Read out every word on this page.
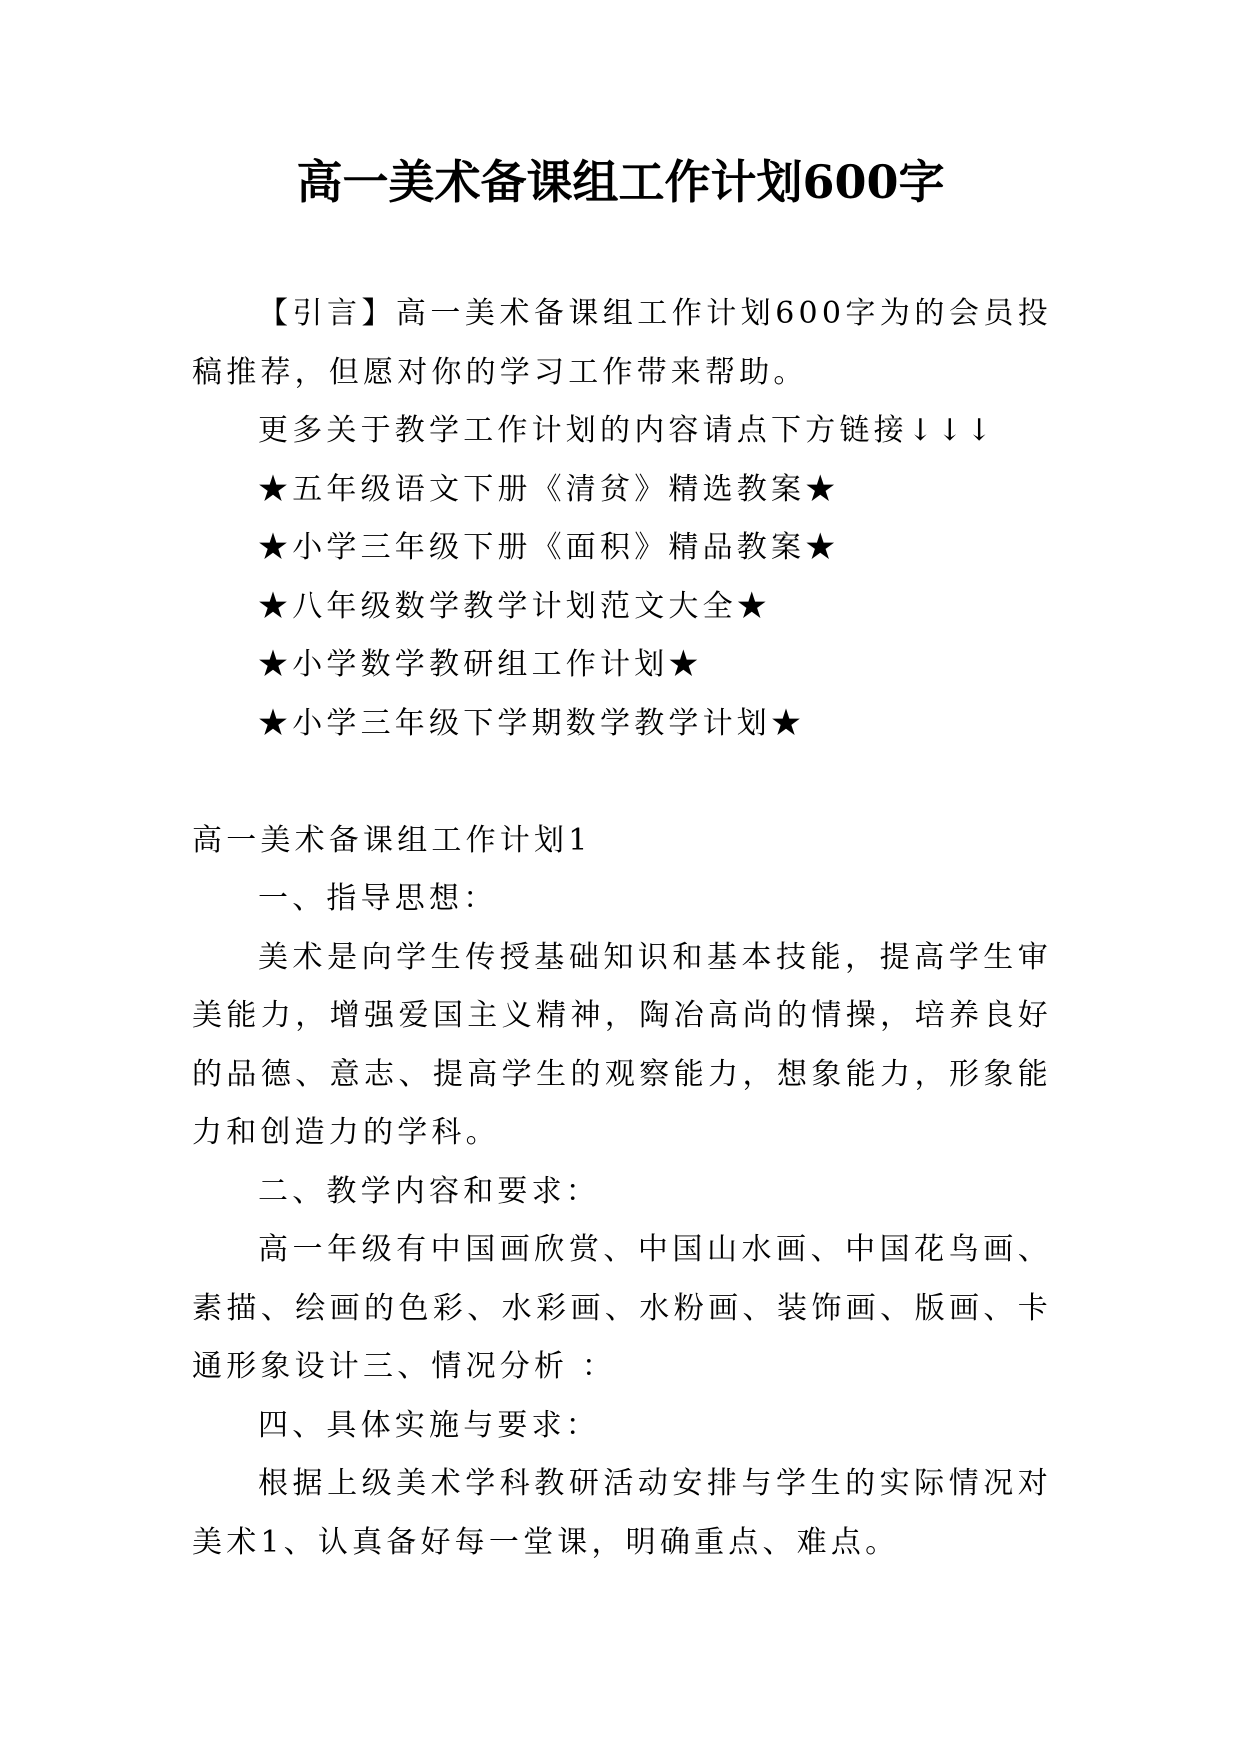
高一美术备课组工作计划600字

【引言】高一美术备课组工作计划600字为的会员投稿推荐，但愿对你的学习工作带来帮助。

更多关于教学工作计划的内容请点下方链接↓↓↓

★五年级语文下册《清贫》精选教案★

★小学三年级下册《面积》精品教案★

★八年级数学教学计划范文大全★

★小学数学教研组工作计划★

★小学三年级下学期数学教学计划★

高一美术备课组工作计划1

一、指导思想：

美术是向学生传授基础知识和基本技能，提高学生审美能力，增强爱国主义精神，陶冶高尚的情操，培养良好的品德、意志、提高学生的观察能力，想象能力，形象能力和创造力的学科。

二、教学内容和要求：

高一年级有中国画欣赏、中国山水画、中国花鸟画、素描、绘画的色彩、水彩画、水粉画、装饰画、版画、卡通形象设计三、情况分析 ：

四、具体实施与要求：

根据上级美术学科教研活动安排与学生的实际情况对美术1、认真备好每一堂课，明确重点、难点。
